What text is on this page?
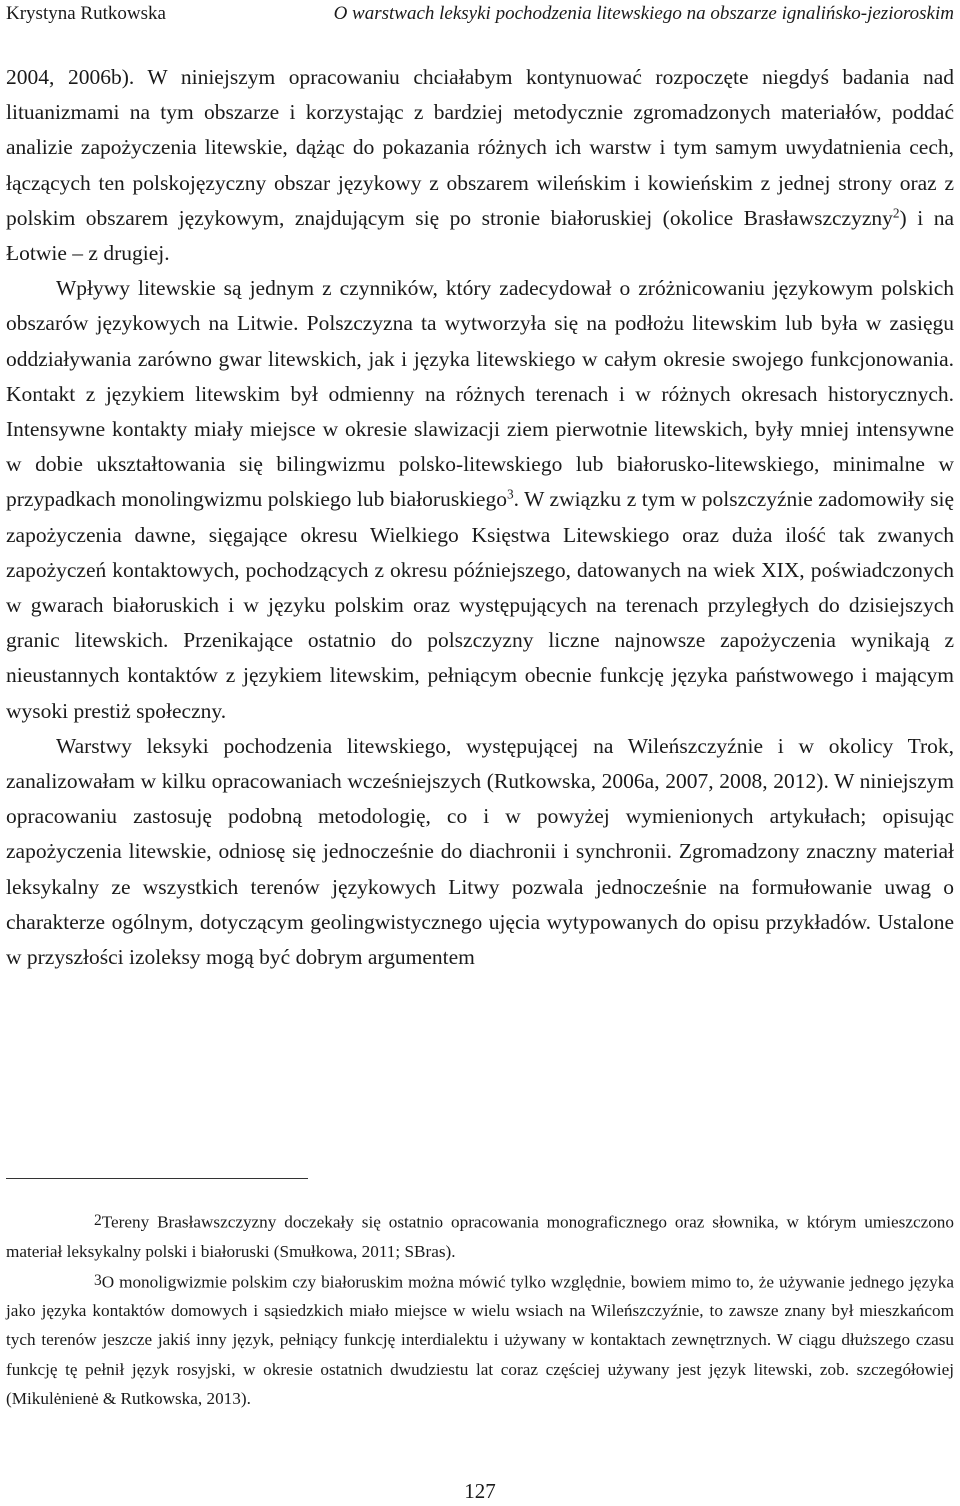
Krystyna Rutkowska	O warstwach leksyki pochodzenia litewskiego na obszarze ignalińsko-jezioroskim

2004, 2006b). W niniejszym opracowaniu chciałabym kontynuować rozpoczęte niegdyś badania nad lituanizmami na tym obszarze i korzystając z bardziej metodycznie zgromadzonych materiałów, poddać analizie zapożyczenia litewskie, dążąc do pokazania różnych ich warstw i tym samym uwydatnienia cech, łączących ten polskojęzyczny obszar językowy z obszarem wileńskim i kowieńskim z jednej strony oraz z polskim obszarem językowym, znajdującym się po stronie białoruskiej (okolice Brasławszczyzny$^2$) i na Łotwie – z drugiej.

Wpływy litewskie są jednym z czynników, który zadecydował o zróżnicowaniu językowym polskich obszarów językowych na Litwie. Polszczyzna ta wytworzyła się na podłożu litewskim lub była w zasięgu oddziaływania zarówno gwar litewskich, jak i języka litewskiego w całym okresie swojego funkcjonowania. Kontakt z językiem litewskim był odmienny na różnych terenach i w różnych okresach historycznych. Intensywne kontakty miały miejsce w okresie slawizacji ziem pierwotnie litewskich, były mniej intensywne w dobie ukształtowania się bilingwizmu polsko-litewskiego lub białorusko-litewskiego, minimalne w przypadkach monolingwizmu polskiego lub białoruskiego$^3$. W związku z tym w polszczyźnie zadomowiły się zapożyczenia dawne, sięgające okresu Wielkiego Księstwa Litewskiego oraz duża ilość tak zwanych zapożyczeń kontaktowych, pochodzących z okresu późniejszego, datowanych na wiek XIX, poświadczonych w gwarach białoruskich i w języku polskim oraz występujących na terenach przyległych do dzisiejszych granic litewskich. Przenikające ostatnio do polszczyzny liczne najnowsze zapożyczenia wynikają z nieustannych kontaktów z językiem litewskim, pełniącym obecnie funkcję języka państwowego i mającym wysoki prestiż społeczny.

Warstwy leksyki pochodzenia litewskiego, występującej na Wileńszczyźnie i w okolicy Trok, zanalizowałam w kilku opracowaniach wcześniejszych (Rutkowska, 2006a, 2007, 2008, 2012). W niniejszym opracowaniu zastosuję podobną metodologię, co i w powyżej wymienionych artykułach; opisując zapożyczenia litewskie, odniosę się jednocześnie do diachronii i synchronii. Zgromadzony znaczny materiał leksykalny ze wszystkich terenów językowych Litwy pozwala jednocześnie na formułowanie uwag o charakterze ogólnym, dotyczącym geolingwistycznego ujęcia wytypowanych do opisu przykładów. Ustalone w przyszłości izoleksy mogą być dobrym argumentem

2Tereny Brasławszczyzny doczekały się ostatnio opracowania monograficznego oraz słownika, w którym umieszczono materiał leksykalny polski i białoruski (Smułkowa, 2011; SBras).

3O monoligwizmie polskim czy białoruskim można mówić tylko względnie, bowiem mimo to, że używanie jednego języka jako języka kontaktów domowych i sąsiedzkich miało miejsce w wielu wsiach na Wileńszczyźnie, to zawsze znany był mieszkańcom tych terenów jeszcze jakiś inny język, pełniący funkcję interdialektu i używany w kontaktach zewnętrznych. W ciągu dłuższego czasu funkcję tę pełnił język rosyjski, w okresie ostatnich dwudziestu lat coraz częściej używany jest język litewski, zob. szczegółowiej (Mikulėnienė & Rutkowska, 2013).

127
